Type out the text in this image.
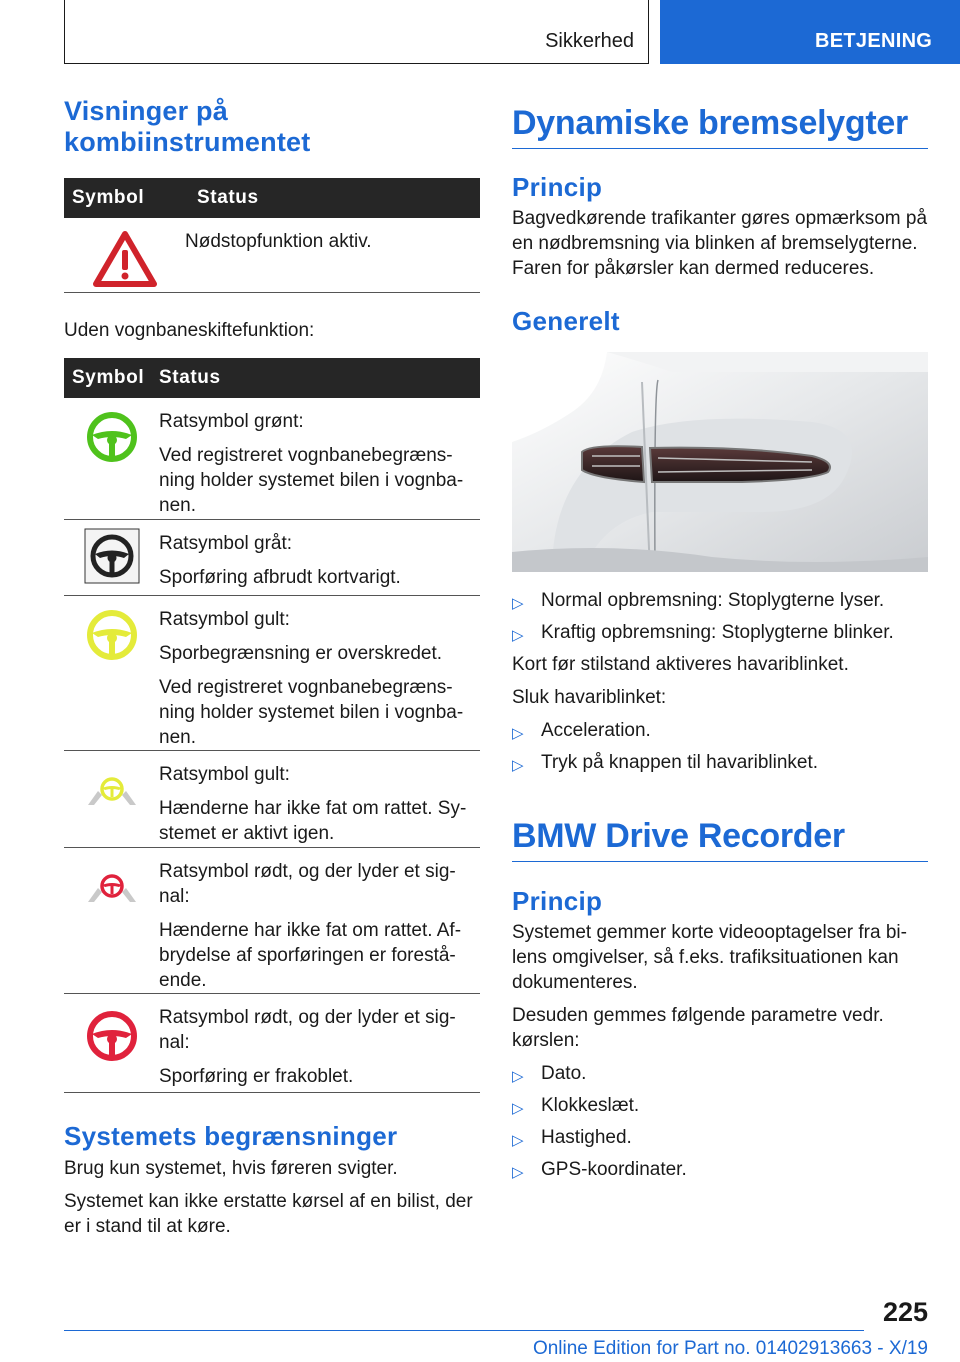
Sikkerhed	BETJENING
Visninger på kombiinstrumentet
Symbol	Status

Nødstopfunktion aktiv.

Uden vognbaneskiftefunktion:

Symbol Status

Ratsymbol grønt:

Ved registreret vognbanebegræns-ning holder systemet bilen i vognba-nen.

Ratsymbol gråt:

Sporføring afbrudt kortvarigt.

Ratsymbol gult:

Sporbegrænsning er overskredet.

Ved registreret vognbanebegræns-ning holder systemet bilen i vognba-nen.

Ratsymbol gult:

Hænderne har ikke fat om rattet. Sy-stemet er aktivt igen.

Ratsymbol rødt, og der lyder et sig-nal:

Hænderne har ikke fat om rattet. Af-brydelse af sporføringen er forestå-ende.

Ratsymbol rødt, og der lyder et sig-nal:

Sporføring er frakoblet.

Systemets begrænsninger

Brug kun systemet, hvis føreren svigter.

Systemet kan ikke erstatte kørsel af en bilist, der er i stand til at køre.

Dynamiske bremselygter
Princip

Bagvedkørende trafikanter gøres opmærksom på en nødbremsning via blinken af bremselygterne. Faren for påkørsler kan dermed reduceres.

Generelt
▷ Normal opbremsning: Stoplygterne lyser.
▷ Kraftig opbremsning: Stoplygterne blinker.

Kort før stilstand aktiveres havariblinket.

Sluk havariblinket:

▷ Acceleration.
▷ Tryk på knappen til havariblinket.
BMW Drive Recorder
Princip

Systemet gemmer korte videooptagelser fra bi-lens omgivelser, så f.eks. trafiksituationen kan dokumenteres.

Desuden gemmes følgende parametre vedr. kørslen:

▷ Dato.
▷ Klokkeslæt.
▷ Hastighed.
▷ GPS-koordinater.
225
Online Edition for Part no. 01402913663 - X/19
